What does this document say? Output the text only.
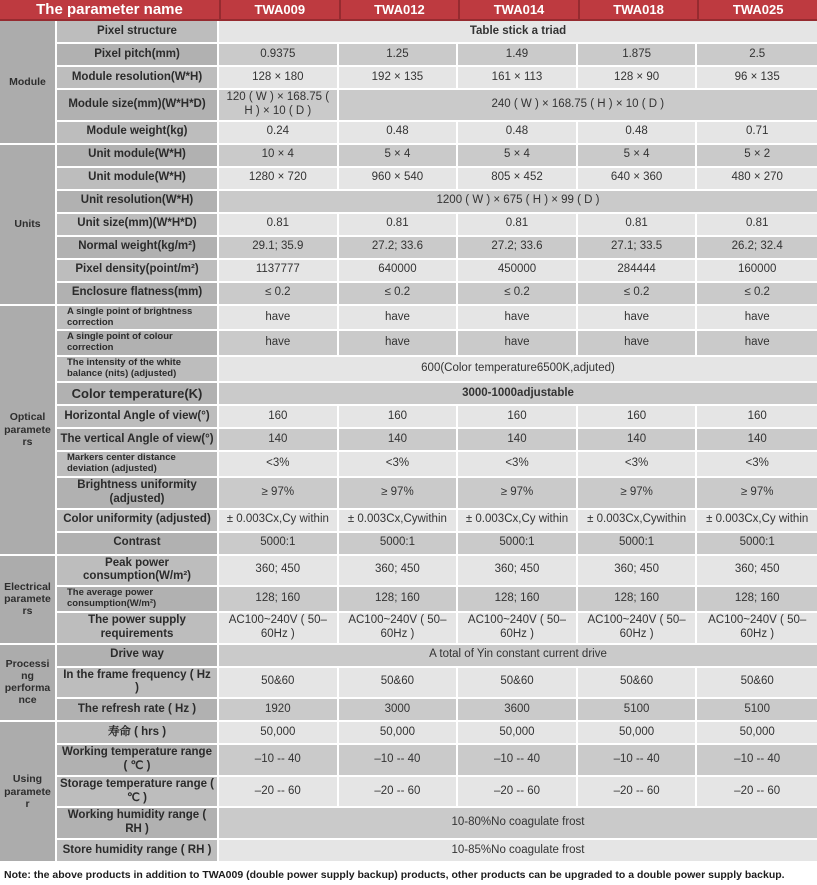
The parameter name		TWA009	TWA012	TWA014	TWA018	TWA025
Module	Pixel structure	Table stick a triad				
	Pixel pitch(mm)	0.9375	1.25	1.49	1.875	2.5
	Module resolution(W*H)	128 × 180	192 × 135	161 × 113	128 × 90	96 × 135
	Module size(mm)(W*H*D)	120 ( W ) × 168.75 ( H ) × 10 ( D )	240 ( W ) × 168.75 ( H ) × 10 ( D )			
	Module weight(kg)	0.24	0.48	0.48	0.48	0.71
Units	Unit module(W*H)	10 × 4	5 × 4	5 × 4	5 × 4	5 × 2
	Unit module(W*H)	1280 × 720	960 × 540	805 × 452	640 × 360	480 × 270
	Unit resolution(W*H)	1200 ( W ) × 675 ( H ) × 99 ( D )				
	Unit size(mm)(W*H*D)	0.81	0.81	0.81	0.81	0.81
	Normal weight(kg/m²)	29.1; 35.9	27.2; 33.6	27.2; 33.6	27.1; 33.5	26.2; 32.4
	Pixel density(point/m²)	1137777	640000	450000	284444	160000
	Enclosure flatness(mm)	≤ 0.2	≤ 0.2	≤ 0.2	≤ 0.2	≤ 0.2
Optical parameters	A single point of brightness correction	have	have	have	have	have
	A single point of colour correction	have	have	have	have	have
	The intensity of the white balance (nits) (adjusted)	600(Color temperature6500K,adjuted)				
	Color temperature(K)	3000-1000adjustable				
	Horizontal Angle of view(°)	160	160	160	160	160
	The vertical Angle of view(°)	140	140	140	140	140
	Markers center distance deviation (adjusted)	<3%	<3%	<3%	<3%	<3%
	Brightness uniformity (adjusted)	≥ 97%	≥ 97%	≥ 97%	≥ 97%	≥ 97%
	Color uniformity (adjusted)	± 0.003Cx,Cy within	± 0.003Cx,Cywithin	± 0.003Cx,Cy within	± 0.003Cx,Cywithin	± 0.003Cx,Cy within
	Contrast	5000:1	5000:1	5000:1	5000:1	5000:1
Electrical parameters	Peak power consumption(W/m²)	360; 450	360; 450	360; 450	360; 450	360; 450
	The average power consumption(W/m²)	128; 160	128; 160	128; 160	128; 160	128; 160
	The power supply requirements	AC100~240V ( 50–60Hz )	AC100~240V ( 50–60Hz )	AC100~240V ( 50–60Hz )	AC100~240V ( 50–60Hz )	AC100~240V ( 50–60Hz )
Processing performance	Drive way	A total of Yin constant current drive				
	In the frame frequency ( Hz )	50&60	50&60	50&60	50&60	50&60
	The refresh rate ( Hz )	1920	3000	3600	5100	5100
Using parameter	寿命 ( hrs )	50,000	50,000	50,000	50,000	50,000
	Working temperature range ( ℃ )	–10 -- 40	–10 -- 40	–10 -- 40	–10 -- 40	–10 -- 40
	Storage temperature range ( ℃ )	–20 -- 60	–20 -- 60	–20 -- 60	–20 -- 60	–20 -- 60
	Working humidity range ( RH )	10-80%No coagulate frost				
	Store humidity range ( RH )	10-85%No coagulate frost				
Note: the above products in addition to TWA009 (double power supply backup) products, other products can be upgraded to a double power supply backup.
